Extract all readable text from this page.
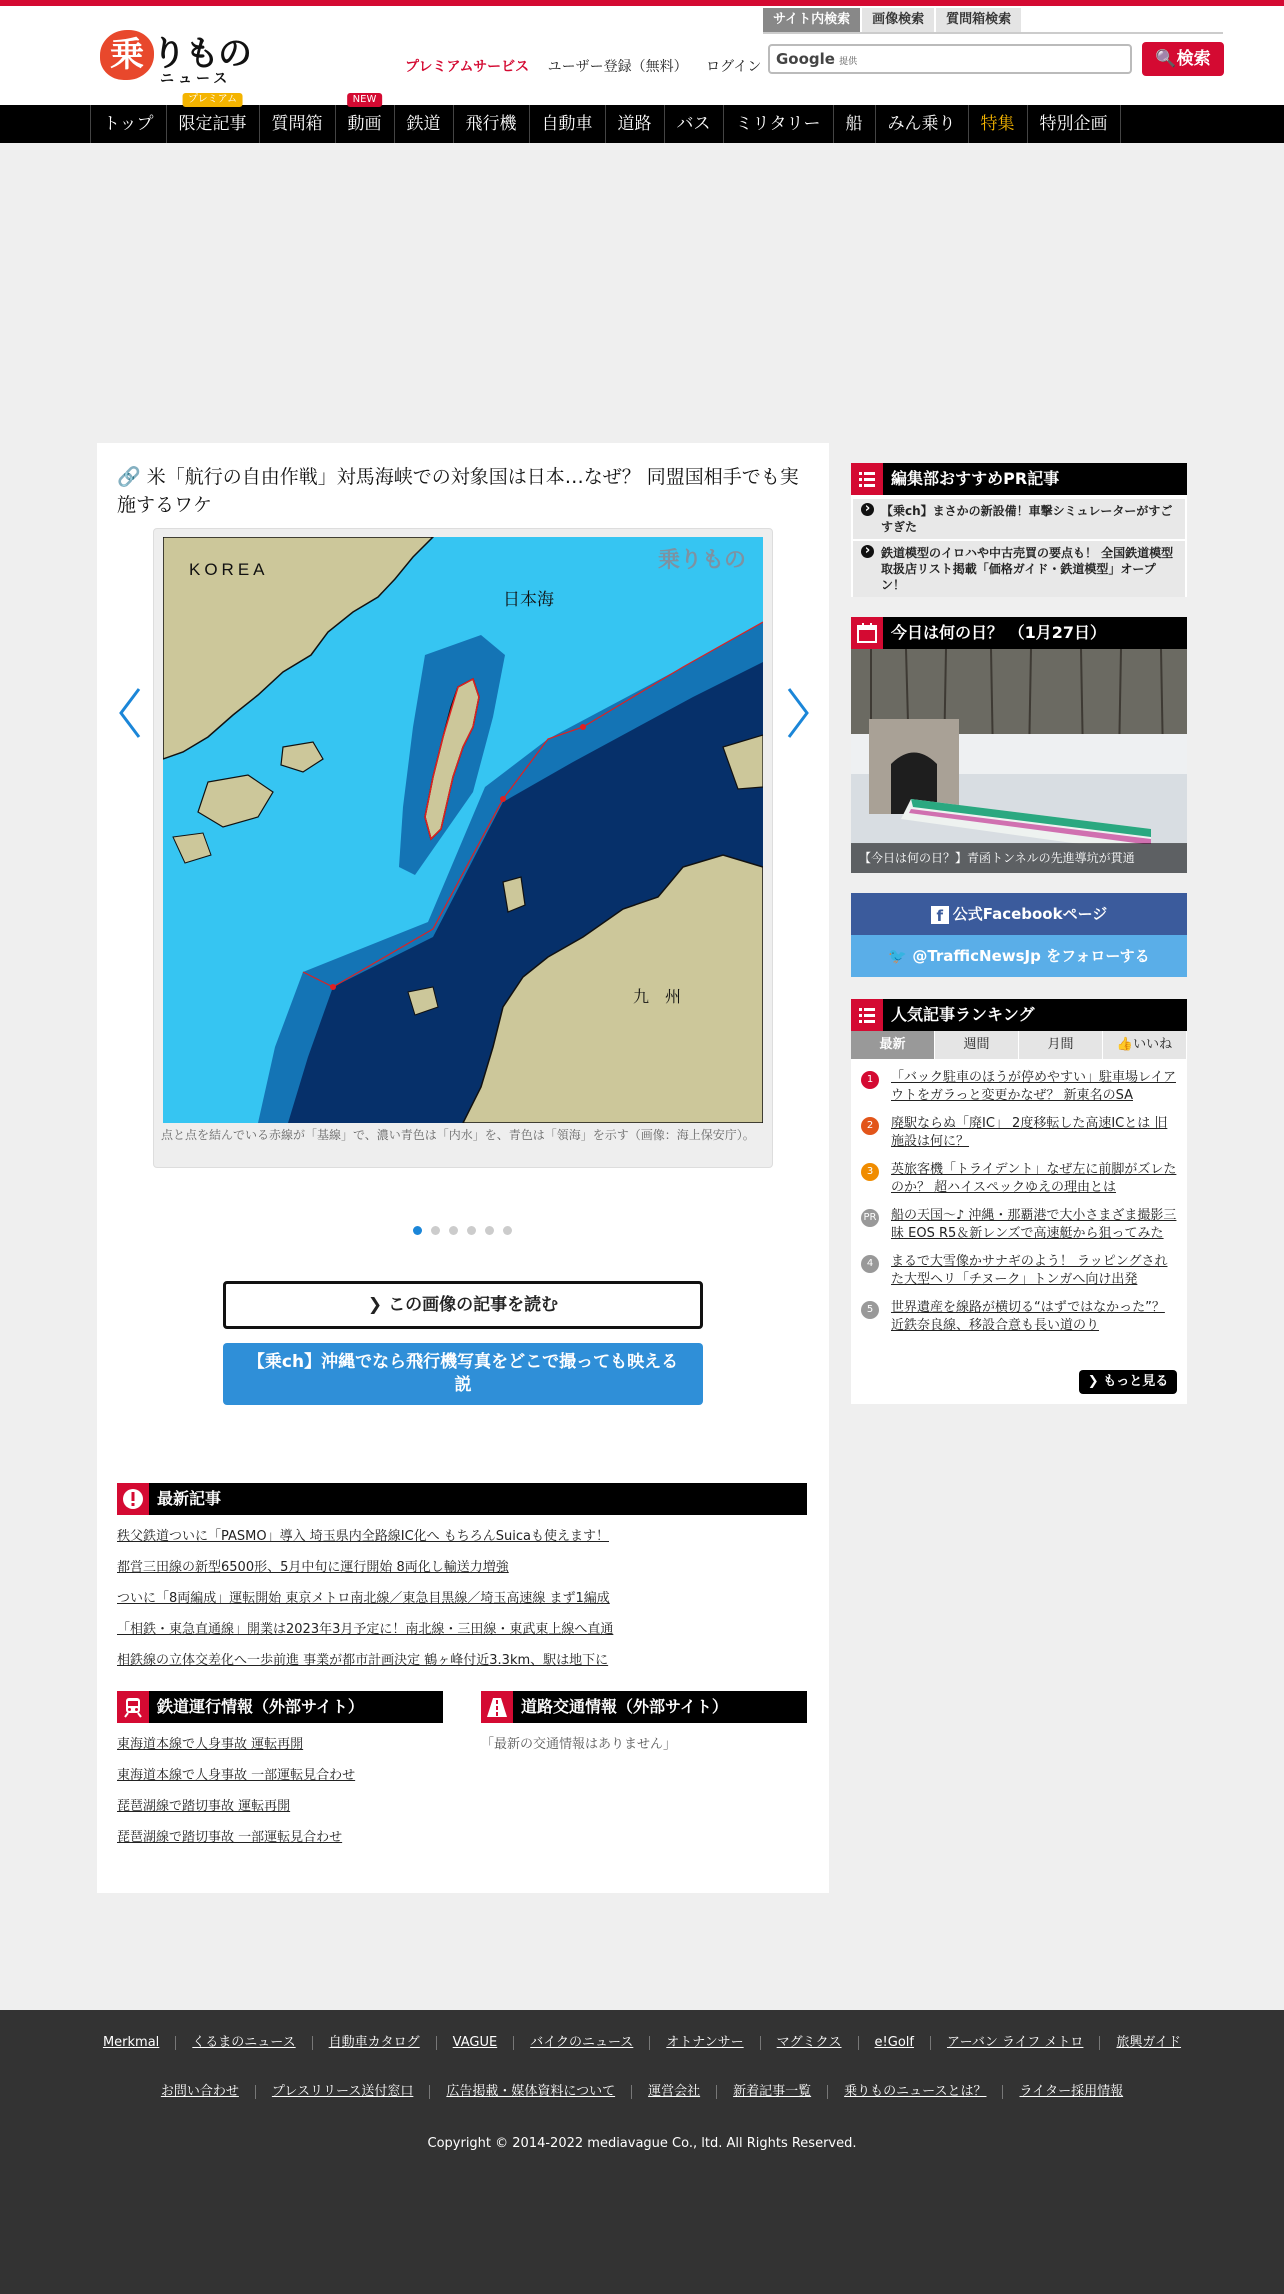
乗 りもの
ニュース
プレミアムサービス ユーザー登録（無料） ログイン
サイト内検索	画像検索	質問箱検索
Google 提供	🔍検索
トップ	限定記事
プレミアム
質問箱	動画
NEW
鉄道	飛行機	自動車	道路	バス	ミリタリー	船	みん乗り	特集	特別企画
🔗 米「航行の自由作戦」対馬海峡での対象国は日本…なぜ？ 同盟国相手でも実施するワケ
KOREA
日本海
九　州
乗りもの
点と点を結んでいる赤線が「基線」で、濃い青色は「内水」を、青色は「領海」を示す（画像：海上保安庁）。
❯ この画像の記事を読む
【乗ch】沖縄でなら飛行機写真をどこで撮っても映える説
最新記事
秩父鉄道ついに「PASMO」導入 埼玉県内全路線IC化へ もちろんSuicaも使えます！
都営三田線の新型6500形、5月中旬に運行開始 8両化し輸送力増強
ついに「8両編成」運転開始 東京メトロ南北線／東急目黒線／埼玉高速線 まず1編成
「相鉄・東急直通線」開業は2023年3月予定に！南北線・三田線・東武東上線へ直通
相鉄線の立体交差化へ一歩前進 事業が都市計画決定 鶴ヶ峰付近3.3km、駅は地下に
鉄道運行情報（外部サイト）
東海道本線で人身事故 運転再開
東海道本線で人身事故 一部運転見合わせ
琵琶湖線で踏切事故 運転再開
琵琶湖線で踏切事故 一部運転見合わせ
道路交通情報（外部サイト）
「最新の交通情報はありません」
編集部おすすめPR記事
› 【乗ch】まさかの新設備！車撃シミュレーターがすごすぎた
› 鉄道模型のイロハや中古売買の要点も！ 全国鉄道模型取扱店リスト掲載「価格ガイド・鉄道模型」オープン！
今日は何の日？ （1月27日）
【今日は何の日？】青函トンネルの先進導坑が貫通
f 公式Facebookページ
🐦 @TrafficNewsJp をフォローする
人気記事ランキング
最新	週間	月間	👍いいね
1	「バック駐車のほうが停めやすい」駐車場レイアウトをガラっと変更かなぜ？ 新東名のSA
2	廃駅ならぬ「廃IC」 2度移転した高速ICとは 旧施設は何に？
3	英旅客機「トライデント」なぜ左に前脚がズレたのか？ 超ハイスペックゆえの理由とは
PR 船の天国～♪ 沖縄・那覇港で大小さまざま撮影三昧 EOS R5＆新レンズで高速艇から狙ってみた
4	まるで大雪像かサナギのよう！ ラッピングされた大型ヘリ「チヌーク」トンガへ向け出発
5	世界遺産を線路が横切る“はずではなかった”？ 近鉄奈良線、移設合意も長い道のり
❯ もっと見る
Merkmal	くるまのニュース	自動車カタログ	VAGUE	バイクのニュース	オトナンサー	マグミクス	e!Golf	アーバン ライフ メトロ	旅興ガイド
お問い合わせ	プレスリリース送付窓口	広告掲載・媒体資料について	運営会社	新着記事一覧	乗りものニュースとは？	ライター採用情報
Copyright © 2014-2022 mediavague Co., ltd. All Rights Reserved.
